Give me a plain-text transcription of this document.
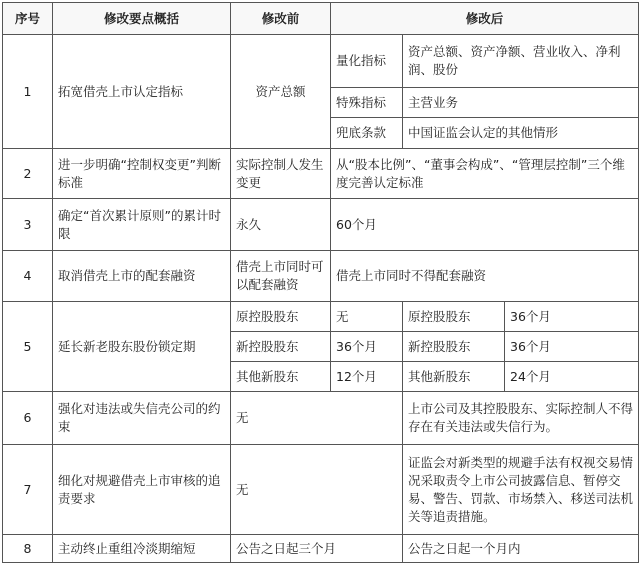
序号	修改要点概括	修改前	修改后		
1	拓宽借壳上市认定指标	资产总额	量化指标	资产总额、资产净额、营业收入、净利润、股份	
			特殊指标	主营业务	
			兜底条款	中国证监会认定的其他情形	
2	进一步明确“控制权变更”判断标准	实际控制人发生变更	从“股本比例”、“董事会构成”、“管理层控制”三个维度完善认定标准		
3	确定“首次累计原则”的累计时限	永久	60个月		
4	取消借壳上市的配套融资	借壳上市同时可以配套融资	借壳上市同时不得配套融资		
5	延长新老股东股份锁定期	原控股股东	无	原控股股东	36个月
		新控股股东	36个月	新控股股东	36个月
		其他新股东	12个月	其他新股东	24个月
6	强化对违法或失信壳公司的约束	无		上市公司及其控股股东、实际控制人不得存在有关违法或失信行为。	
7	细化对规避借壳上市审核的追责要求	无		证监会对新类型的规避手法有权视交易情况采取责令上市公司披露信息、暂停交易、警告、罚款、市场禁入、移送司法机关等追责措施。	
8	主动终止重组冷淡期缩短	公告之日起三个月		公告之日起一个月内	
